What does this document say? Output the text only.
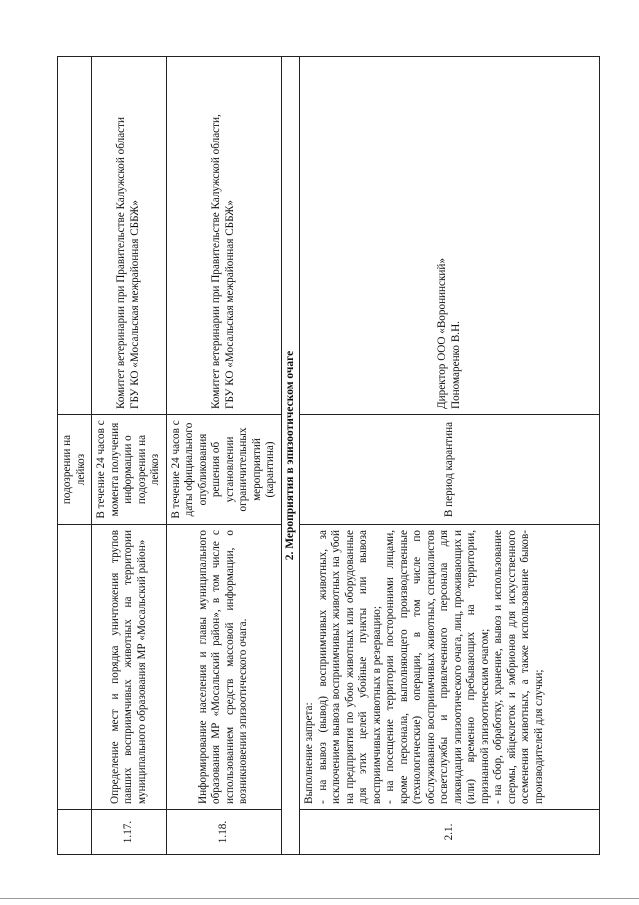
		подозрении на лейкоз	
1.17.	Определение мест и порядка уничтожения трупов павших восприимчивых животных на территории муниципального образования МР «Мосальский район»	В течение 24 часов с момента получения информации о подозрении на лейкоз	Комитет ветеринарии при Правительстве Калужской области ГБУ КО «Мосальская межрайонная СББЖ»

1.18.	Информирование населения и главы муниципального образования МР «Мосальский район», в том числе с использованием средств массовой информации, о возникновении эпизоотического очага.	В течение 24 часов с даты официального опубликования решения об установлении ограничительных мероприятий (карантина)	Комитет ветеринарии при Правительстве Калужской области, ГБУ КО «Мосальская межрайонная СББЖ»

2. Мероприятия в эпизоотическом очаге			
2.1.	Выполнение запрета: - на вывоз (вывод) восприимчивых животных, за исключением вывоза восприимчивых животных на убой на предприятия по убою животных или оборудованные для этих целей убойные пункты или вывоза восприимчивых животных в резервацию; - на посещение территории посторонними лицами, кроме персонала, выполняющего производственные (технологические) операции, в том числе по обслуживанию восприимчивых животных, специалистов госветслужбы и привлеченного персонала для ликвидации эпизоотического очага, лиц, проживающих и (или) временно пребывающих на территории, признанной эпизоотическим очагом; - на сбор, обработку, хранение, вывоз и использование спермы, яйцеклеток и эмбрионов для искусственного осеменения животных, а также использование быков-производителей для случки;	В период карантина	Директор ООО «Воронинский» Пономаренко В.Н.
